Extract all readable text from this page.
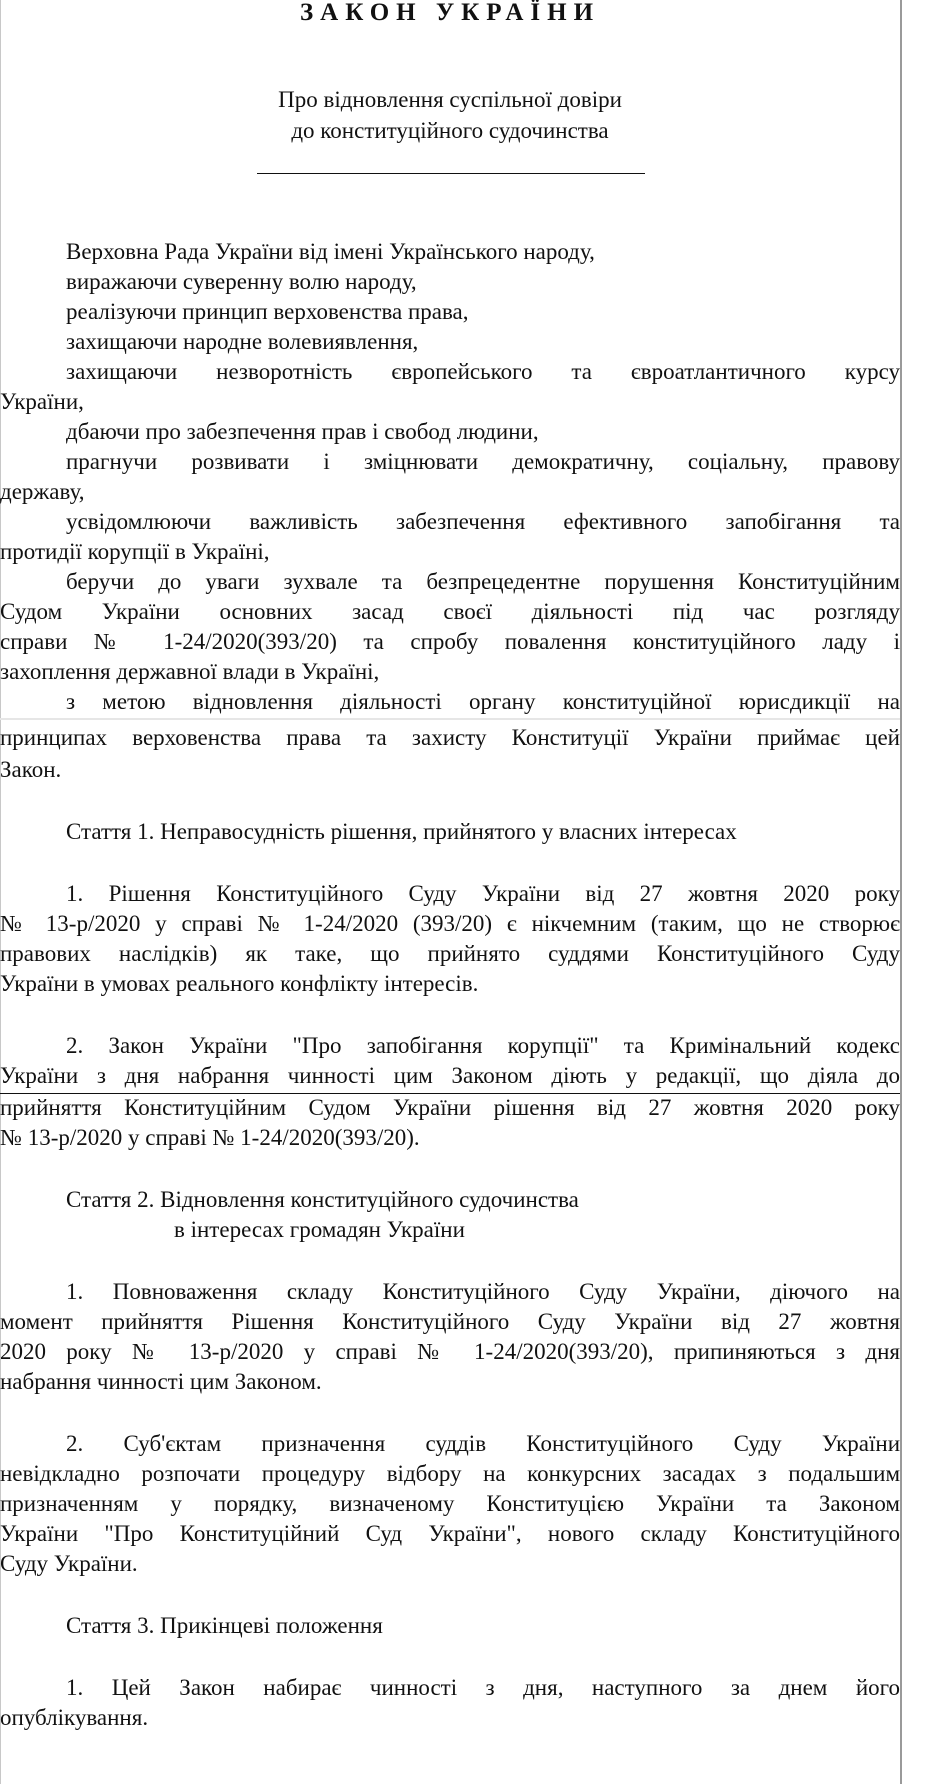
ЗАКОН УКРАЇНИ
Про відновлення суспільної довіри
до конституційного судочинства
Верховна Рада України від імені Українського народу,
виражаючи суверенну волю народу,
реалізуючи принцип верховенства права,
захищаючи народне волевиявлення,
захищаючи незворотність європейського та євроатлантичного курсу
України,
дбаючи про забезпечення прав і свобод людини,
прагнучи розвивати і зміцнювати демократичну, соціальну, правову
державу,
усвідомлюючи важливість забезпечення ефективного запобігання та
протидії корупції в Україні,
беручи до уваги зухвале та безпрецедентне порушення Конституційним
Судом України основних засад своєї діяльності під час розгляду
справи № 1-24/2020(393/20) та спробу повалення конституційного ладу і
захоплення державної влади в Україні,
з метою відновлення діяльності органу конституційної юрисдикції на
принципах верховенства права та захисту Конституції України приймає цей
Закон.
Стаття 1. Неправосудність рішення, прийнятого у власних інтересах
1. Рішення Конституційного Суду України від 27 жовтня 2020 року
№ 13-р/2020 у справі № 1-24/2020 (393/20) є нікчемним (таким, що не створює
правових наслідків) як таке, що прийнято суддями Конституційного Суду
України в умовах реального конфлікту інтересів.
2. Закон України "Про запобігання корупції" та Кримінальний кодекс
України з дня набрання чинності цим Законом діють у редакції, що діяла до
прийняття Конституційним Судом України рішення від 27 жовтня 2020 року
№ 13-р/2020 у справі № 1-24/2020(393/20).
Стаття 2. Відновлення конституційного судочинства
в інтересах громадян України
1. Повноваження складу Конституційного Суду України, діючого на
момент прийняття Рішення Конституційного Суду України від 27 жовтня
2020 року № 13-р/2020 у справі № 1-24/2020(393/20), припиняються з дня
набрання чинності цим Законом.
2. Суб'єктам призначення суддів Конституційного Суду України
невідкладно розпочати процедуру відбору на конкурсних засадах з подальшим
призначенням у порядку, визначеному Конституцією України та Законом
України "Про Конституційний Суд України", нового складу Конституційного
Суду України.
Стаття 3. Прикінцеві положення
1. Цей Закон набирає чинності з дня, наступного за днем його
опублікування.
